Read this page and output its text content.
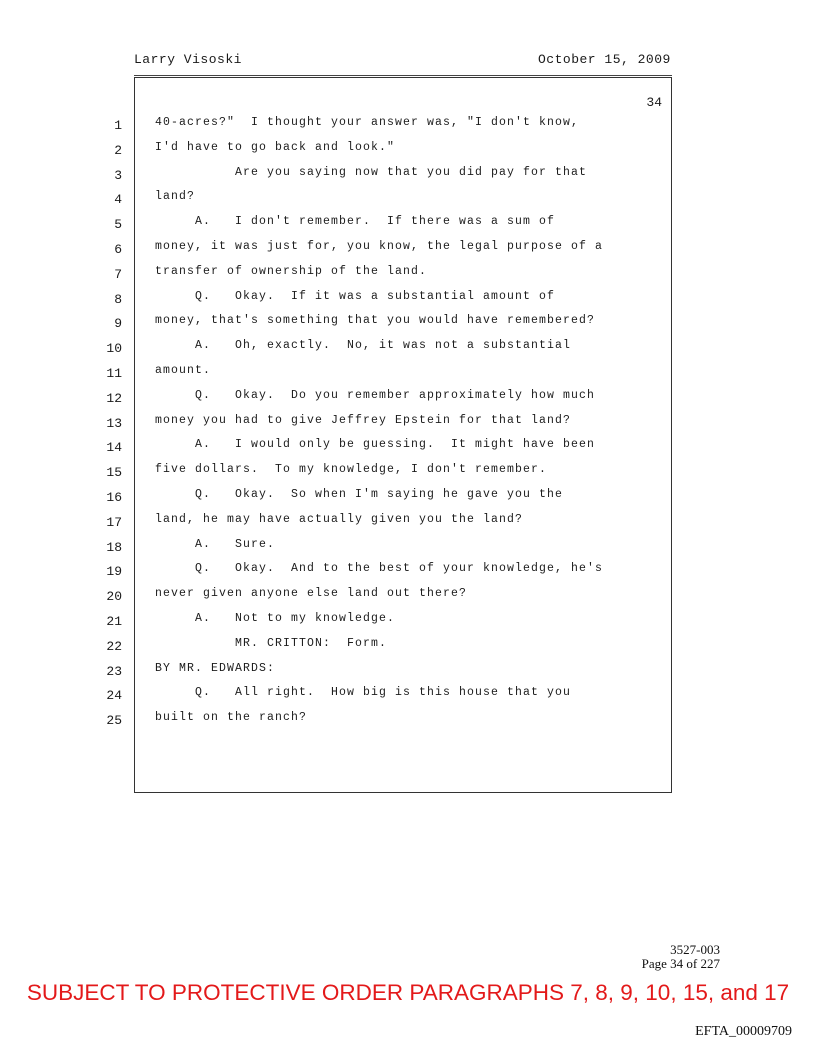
Larry Visoski	October 15, 2009
34
1	40-acres?"  I thought your answer was, "I don't know,
2	I'd have to go back and look."
3	Are you saying now that you did pay for that
4	land?
5	A.   I don't remember.  If there was a sum of
6	money, it was just for, you know, the legal purpose of a
7	transfer of ownership of the land.
8	Q.   Okay.  If it was a substantial amount of
9	money, that's something that you would have remembered?
10	A.   Oh, exactly.  No, it was not a substantial
11	amount.
12	Q.   Okay.  Do you remember approximately how much
13	money you had to give Jeffrey Epstein for that land?
14	A.   I would only be guessing.  It might have been
15	five dollars.  To my knowledge, I don't remember.
16	Q.   Okay.  So when I'm saying he gave you the
17	land, he may have actually given you the land?
18	A.   Sure.
19	Q.   Okay.  And to the best of your knowledge, he's
20	never given anyone else land out there?
21	A.   Not to my knowledge.
22	MR. CRITTON:  Form.
23	BY MR. EDWARDS:
24	Q.   All right.  How big is this house that you
25	built on the ranch?
3527-003
Page 34 of 227
SUBJECT TO PROTECTIVE ORDER PARAGRAPHS 7, 8, 9, 10, 15, and 17
EFTA_00009709
